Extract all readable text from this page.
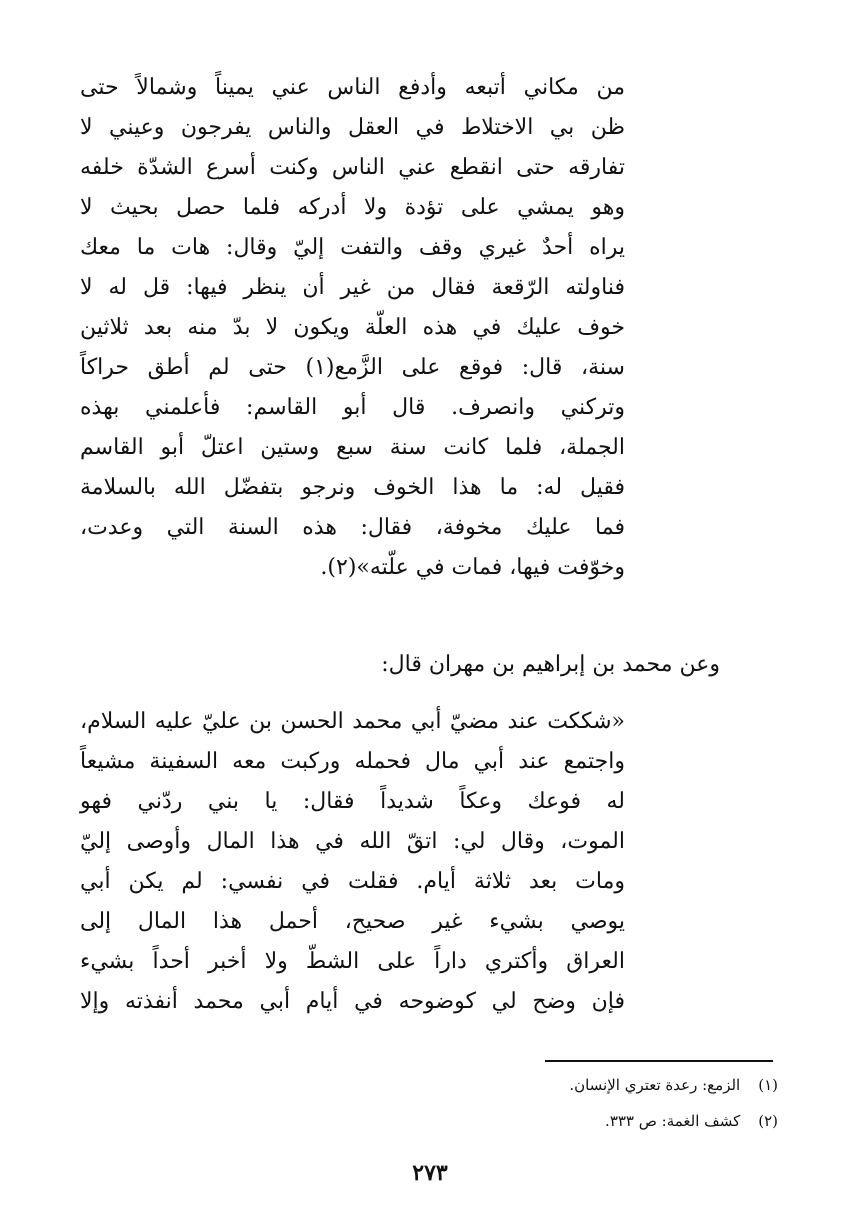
من مكاني أتبعه وأدفع الناس عني يميناً وشمالاً حتى
ظن بي الاختلاط في العقل والناس يفرجون وعيني لا
تفارقه حتى انقطع عني الناس وكنت أسرع الشدّة خلفه
وهو يمشي على تؤدة ولا أدركه فلما حصل بحيث لا
يراه أحدٌ غيري وقف والتفت إليّ وقال: هات ما معك
فناولته الرّقعة فقال من غير أن ينظر فيها: قل له لا
خوف عليك في هذه العلّة ويكون لا بدّ منه بعد ثلاثين
سنة، قال: فوقع على الزَّمع(١) حتى لم أطق حراكاً
وتركني وانصرف. قال أبو القاسم: فأعلمني بهذه
الجملة، فلما كانت سنة سبع وستين اعتلّ أبو القاسم
فقيل له: ما هذا الخوف ونرجو بتفضّل الله بالسلامة
فما عليك مخوفة، فقال: هذه السنة التي وعدت،
وخوّفت فيها، فمات في علّته»(٢).
وعن محمد بن إبراهيم بن مهران قال:
«شككت عند مضيّ أبي محمد الحسن بن عليّ عليه السلام،
واجتمع عند أبي مال فحمله وركبت معه السفينة مشيعاً
له فوعك وعكاً شديداً فقال: يا بني ردّني فهو
الموت، وقال لي: اتقّ الله في هذا المال وأوصى إليّ
ومات بعد ثلاثة أيام. فقلت في نفسي: لم يكن أبي
يوصي بشيء غير صحيح، أحمل هذا المال إلى
العراق وأكتري داراً على الشطّ ولا أخبر أحداً بشيء
فإن وضح لي كوضوحه في أيام أبي محمد أنفذته وإلا
(١)الزمع: رعدة تعتري الإنسان.
(٢)كشف الغمة: ص ٣٣٣.
٢٧٣
